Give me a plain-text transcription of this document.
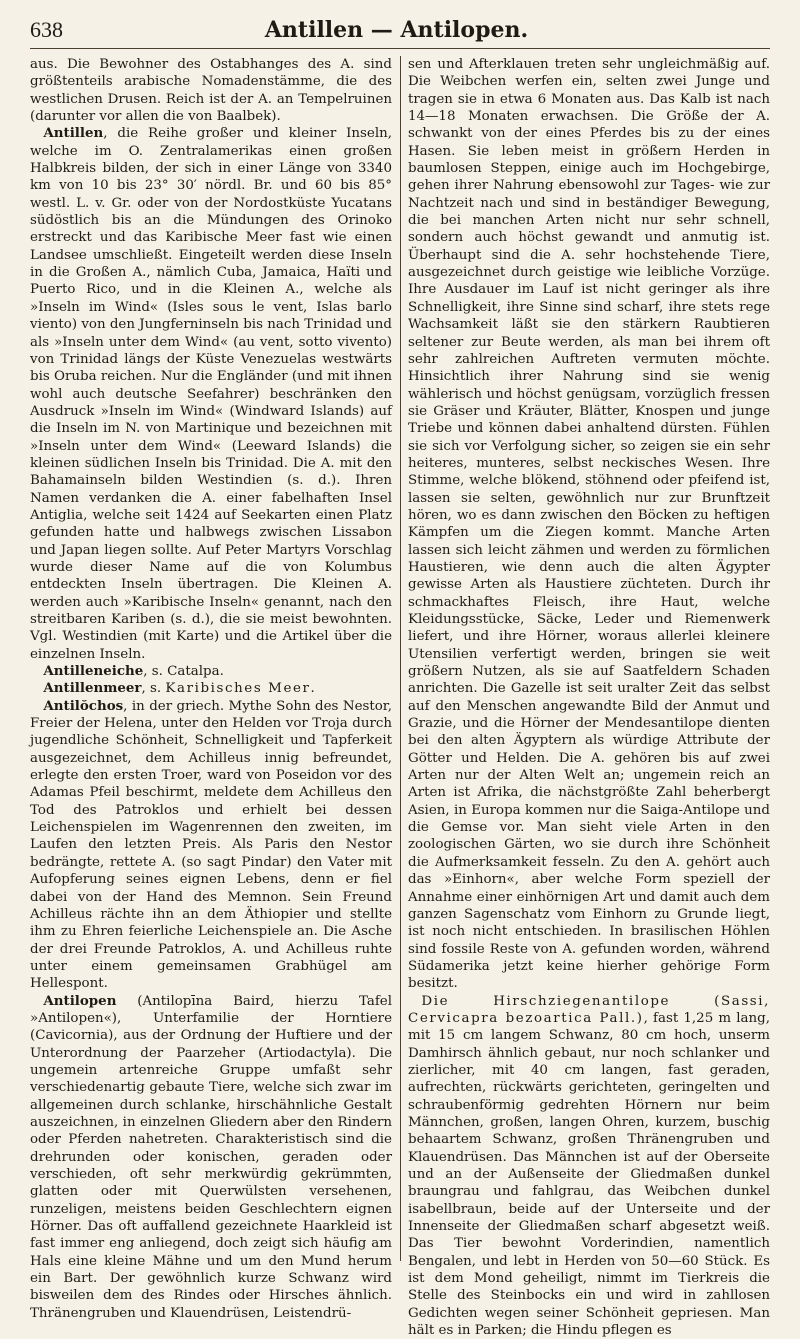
638	Antillen — Antilopen.

aus. Die Bewohner des Ostabhanges des A. sind größtenteils arabische Nomadenstämme, die des westlichen Drusen. Reich ist der A. an Tempelruinen (darunter vor allen die von Baalbek).

Antillen, die Reihe großer und kleiner Inseln, welche im O. Zentralamerikas einen großen Halbkreis bilden, der sich in einer Länge von 3340 km von 10 bis 23° 30′ nördl. Br. und 60 bis 85° westl. L. v. Gr. oder von der Nordostküste Yucatans südöstlich bis an die Mündungen des Orinoko erstreckt und das Karibische Meer fast wie einen Landsee umschließt. Eingeteilt werden diese Inseln in die Großen A., nämlich Cuba, Jamaica, Haïti und Puerto Rico, und in die Kleinen A., welche als »Inseln im Wind« (Isles sous le vent, Islas barlo viento) von den Jungferninseln bis nach Trinidad und als »Inseln unter dem Wind« (au vent, sotto vivento) von Trinidad längs der Küste Venezuelas westwärts bis Oruba reichen. Nur die Engländer (und mit ihnen wohl auch deutsche Seefahrer) beschränken den Ausdruck »Inseln im Wind« (Windward Islands) auf die Inseln im N. von Martinique und bezeichnen mit »Inseln unter dem Wind« (Leeward Islands) die kleinen südlichen Inseln bis Trinidad. Die A. mit den Bahamainseln bilden Westindien (s. d.). Ihren Namen verdanken die A. einer fabelhaften Insel Antiglia, welche seit 1424 auf Seekarten einen Platz gefunden hatte und halbwegs zwischen Lissabon und Japan liegen sollte. Auf Peter Martyrs Vorschlag wurde dieser Name auf die von Kolumbus entdeckten Inseln übertragen. Die Kleinen A. werden auch »Karibische Inseln« genannt, nach den streitbaren Kariben (s. d.), die sie meist bewohnten. Vgl. Westindien (mit Karte) und die Artikel über die einzelnen Inseln.

Antilleneiche, s. Catalpa.

Antillenmeer, s. Karibisches Meer.

Antilŏchos, in der griech. Mythe Sohn des Nestor, Freier der Helena, unter den Helden vor Troja durch jugendliche Schönheit, Schnelligkeit und Tapferkeit ausgezeichnet, dem Achilleus innig befreundet, erlegte den ersten Troer, ward von Poseidon vor des Adamas Pfeil beschirmt, meldete dem Achilleus den Tod des Patroklos und erhielt bei dessen Leichenspielen im Wagenrennen den zweiten, im Laufen den letzten Preis. Als Paris den Nestor bedrängte, rettete A. (so sagt Pindar) den Vater mit Aufopferung seines eignen Lebens, denn er fiel dabei von der Hand des Memnon. Sein Freund Achilleus rächte ihn an dem Äthiopier und stellte ihm zu Ehren feierliche Leichenspiele an. Die Asche der drei Freunde Patroklos, A. und Achilleus ruhte unter einem gemeinsamen Grabhügel am Hellespont.

Antilopen (Antilopīna Baird, hierzu Tafel »Antilopen«), Unterfamilie der Horntiere (Cavicornia), aus der Ordnung der Huftiere und der Unterordnung der Paarzeher (Artiodactyla). Die ungemein artenreiche Gruppe umfaßt sehr verschiedenartig gebaute Tiere, welche sich zwar im allgemeinen durch schlanke, hirschähnliche Gestalt auszeichnen, in einzelnen Gliedern aber den Rindern oder Pferden nahetreten. Charakteristisch sind die drehrunden oder konischen, geraden oder verschieden, oft sehr merkwürdig gekrümmten, glatten oder mit Querwülsten versehenen, runzeligen, meistens beiden Geschlechtern eignen Hörner. Das oft auffallend gezeichnete Haarkleid ist fast immer eng anliegend, doch zeigt sich häufig am Hals eine kleine Mähne und um den Mund herum ein Bart. Der gewöhnlich kurze Schwanz wird bisweilen dem des Rindes oder Hirsches ähnlich. Thränengruben und Klauendrüsen, Leistendrü-

sen und Afterklauen treten sehr ungleichmäßig auf. Die Weibchen werfen ein, selten zwei Junge und tragen sie in etwa 6 Monaten aus. Das Kalb ist nach 14—18 Monaten erwachsen. Die Größe der A. schwankt von der eines Pferdes bis zu der eines Hasen. Sie leben meist in größern Herden in baumlosen Steppen, einige auch im Hochgebirge, gehen ihrer Nahrung ebensowohl zur Tages- wie zur Nachtzeit nach und sind in beständiger Bewegung, die bei manchen Arten nicht nur sehr schnell, sondern auch höchst gewandt und anmutig ist. Überhaupt sind die A. sehr hochstehende Tiere, ausgezeichnet durch geistige wie leibliche Vorzüge. Ihre Ausdauer im Lauf ist nicht geringer als ihre Schnelligkeit, ihre Sinne sind scharf, ihre stets rege Wachsamkeit läßt sie den stärkern Raubtieren seltener zur Beute werden, als man bei ihrem oft sehr zahlreichen Auftreten vermuten möchte. Hinsichtlich ihrer Nahrung sind sie wenig wählerisch und höchst genügsam, vorzüglich fressen sie Gräser und Kräuter, Blätter, Knospen und junge Triebe und können dabei anhaltend dürsten. Fühlen sie sich vor Verfolgung sicher, so zeigen sie ein sehr heiteres, munteres, selbst neckisches Wesen. Ihre Stimme, welche blökend, stöhnend oder pfeifend ist, lassen sie selten, gewöhnlich nur zur Brunftzeit hören, wo es dann zwischen den Böcken zu heftigen Kämpfen um die Ziegen kommt. Manche Arten lassen sich leicht zähmen und werden zu förmlichen Haustieren, wie denn auch die alten Ägypter gewisse Arten als Haustiere züchteten. Durch ihr schmackhaftes Fleisch, ihre Haut, welche Kleidungsstücke, Säcke, Leder und Riemenwerk liefert, und ihre Hörner, woraus allerlei kleinere Utensilien verfertigt werden, bringen sie weit größern Nutzen, als sie auf Saatfeldern Schaden anrichten. Die Gazelle ist seit uralter Zeit das selbst auf den Menschen angewandte Bild der Anmut und Grazie, und die Hörner der Mendesantilope dienten bei den alten Ägyptern als würdige Attribute der Götter und Helden. Die A. gehören bis auf zwei Arten nur der Alten Welt an; ungemein reich an Arten ist Afrika, die nächstgrößte Zahl beherbergt Asien, in Europa kommen nur die Saiga-Antilope und die Gemse vor. Man sieht viele Arten in den zoologischen Gärten, wo sie durch ihre Schönheit die Aufmerksamkeit fesseln. Zu den A. gehört auch das »Einhorn«, aber welche Form speziell der Annahme einer einhörnigen Art und damit auch dem ganzen Sagenschatz vom Einhorn zu Grunde liegt, ist noch nicht entschieden. In brasilischen Höhlen sind fossile Reste von A. gefunden worden, während Südamerika jetzt keine hierher gehörige Form besitzt.

Die Hirschziegenantilope (Sassi, Cervicapra bezoartica Pall.), fast 1,25 m lang, mit 15 cm langem Schwanz, 80 cm hoch, unserm Damhirsch ähnlich gebaut, nur noch schlanker und zierlicher, mit 40 cm langen, fast geraden, aufrechten, rückwärts gerichteten, geringelten und schraubenförmig gedrehten Hörnern nur beim Männchen, großen, langen Ohren, kurzem, buschig behaartem Schwanz, großen Thränengruben und Klauendrüsen. Das Männchen ist auf der Oberseite und an der Außenseite der Gliedmaßen dunkel braungrau und fahlgrau, das Weibchen dunkel isabellbraun, beide auf der Unterseite und der Innenseite der Gliedmaßen scharf abgesetzt weiß. Das Tier bewohnt Vorderindien, namentlich Bengalen, und lebt in Herden von 50—60 Stück. Es ist dem Mond geheiligt, nimmt im Tierkreis die Stelle des Steinbocks ein und wird in zahllosen Gedichten wegen seiner Schönheit gepriesen. Man hält es in Parken; die Hindu pflegen es
